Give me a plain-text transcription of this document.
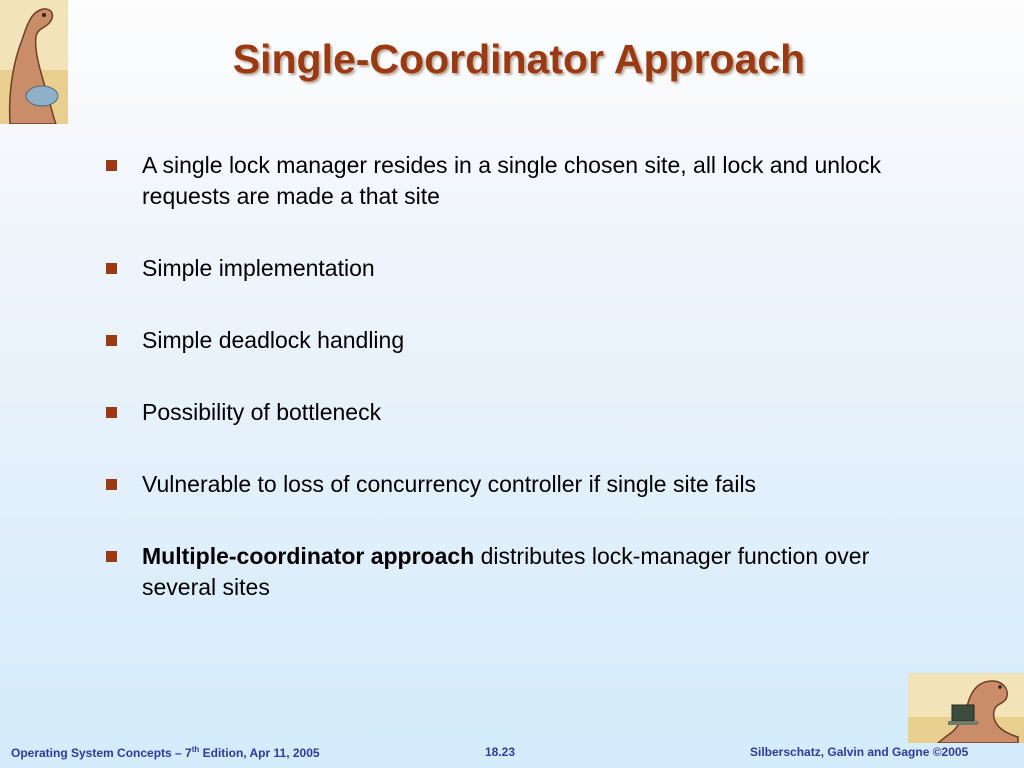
Single-Coordinator Approach
A single lock manager resides in a single chosen site, all lock and unlock requests are made a that site
Simple implementation
Simple deadlock handling
Possibility of bottleneck
Vulnerable to loss of concurrency controller if single site fails
Multiple-coordinator approach distributes lock-manager function over several sites
Operating System Concepts – 7th Edition, Apr 11, 2005	18.23	Silberschatz, Galvin and Gagne ©2005
